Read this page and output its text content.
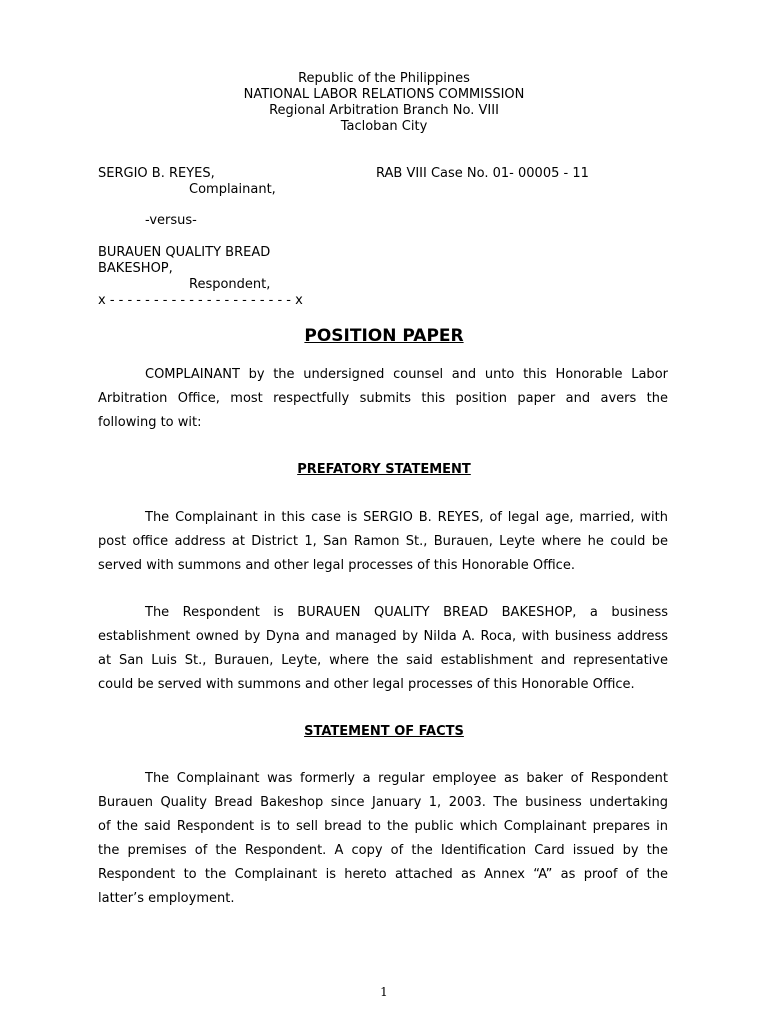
Republic of the Philippines
NATIONAL LABOR RELATIONS COMMISSION
Regional Arbitration Branch No. VIII
Tacloban City
SERGIO B. REYES,	RAB VIII Case No. 01- 00005 - 11
Complainant,
-versus-
BURAUEN QUALITY BREAD
BAKESHOP,
Respondent,
x - - - - - - - - - - - - - - - - - - - - - x
POSITION PAPER
COMPLAINANT by the undersigned counsel and unto this Honorable Labor
Arbitration Office, most respectfully submits this position paper and avers the
following to wit:
PREFATORY STATEMENT
The Complainant in this case is SERGIO B. REYES, of legal age, married, with
post office address at District 1, San Ramon St., Burauen, Leyte where he could be
served with summons and other legal processes of this Honorable Office.
The Respondent is BURAUEN QUALITY BREAD BAKESHOP, a business
establishment owned by Dyna and managed by Nilda A. Roca, with business address
at San Luis St., Burauen, Leyte, where the said establishment and representative
could be served with summons and other legal processes of this Honorable Office.
STATEMENT OF FACTS
The Complainant was formerly a regular employee as baker of Respondent
Burauen Quality Bread Bakeshop since January 1, 2003. The business undertaking
of the said Respondent is to sell bread to the public which Complainant prepares in
the premises of the Respondent. A copy of the Identification Card issued by the
Respondent to the Complainant is hereto attached as Annex “A” as proof of the
latter’s employment.
1
